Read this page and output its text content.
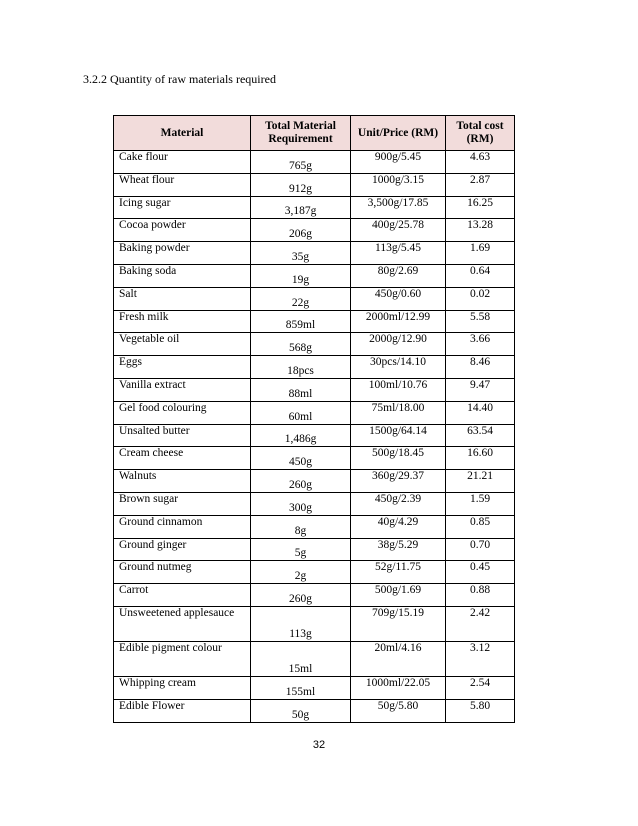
3.2.2 Quantity of raw materials required
Material	Total Material Requirement	Unit/Price (RM)	Total cost (RM)
Cake flour	765g	900g/5.45	4.63
Wheat flour	912g	1000g/3.15	2.87
Icing sugar	3,187g	3,500g/17.85	16.25
Cocoa powder	206g	400g/25.78	13.28
Baking powder	35g	113g/5.45	1.69
Baking soda	19g	80g/2.69	0.64
Salt	22g	450g/0.60	0.02
Fresh milk	859ml	2000ml/12.99	5.58
Vegetable oil	568g	2000g/12.90	3.66
Eggs	18pcs	30pcs/14.10	8.46
Vanilla extract	88ml	100ml/10.76	9.47
Gel food colouring	60ml	75ml/18.00	14.40
Unsalted butter	1,486g	1500g/64.14	63.54
Cream cheese	450g	500g/18.45	16.60
Walnuts	260g	360g/29.37	21.21
Brown sugar	300g	450g/2.39	1.59
Ground cinnamon	8g	40g/4.29	0.85
Ground ginger	5g	38g/5.29	0.70
Ground nutmeg	2g	52g/11.75	0.45
Carrot	260g	500g/1.69	0.88
Unsweetened applesauce	113g	709g/15.19	2.42
Edible pigment colour	15ml	20ml/4.16	3.12
Whipping cream	155ml	1000ml/22.05	2.54
Edible Flower	50g	50g/5.80	5.80
32
